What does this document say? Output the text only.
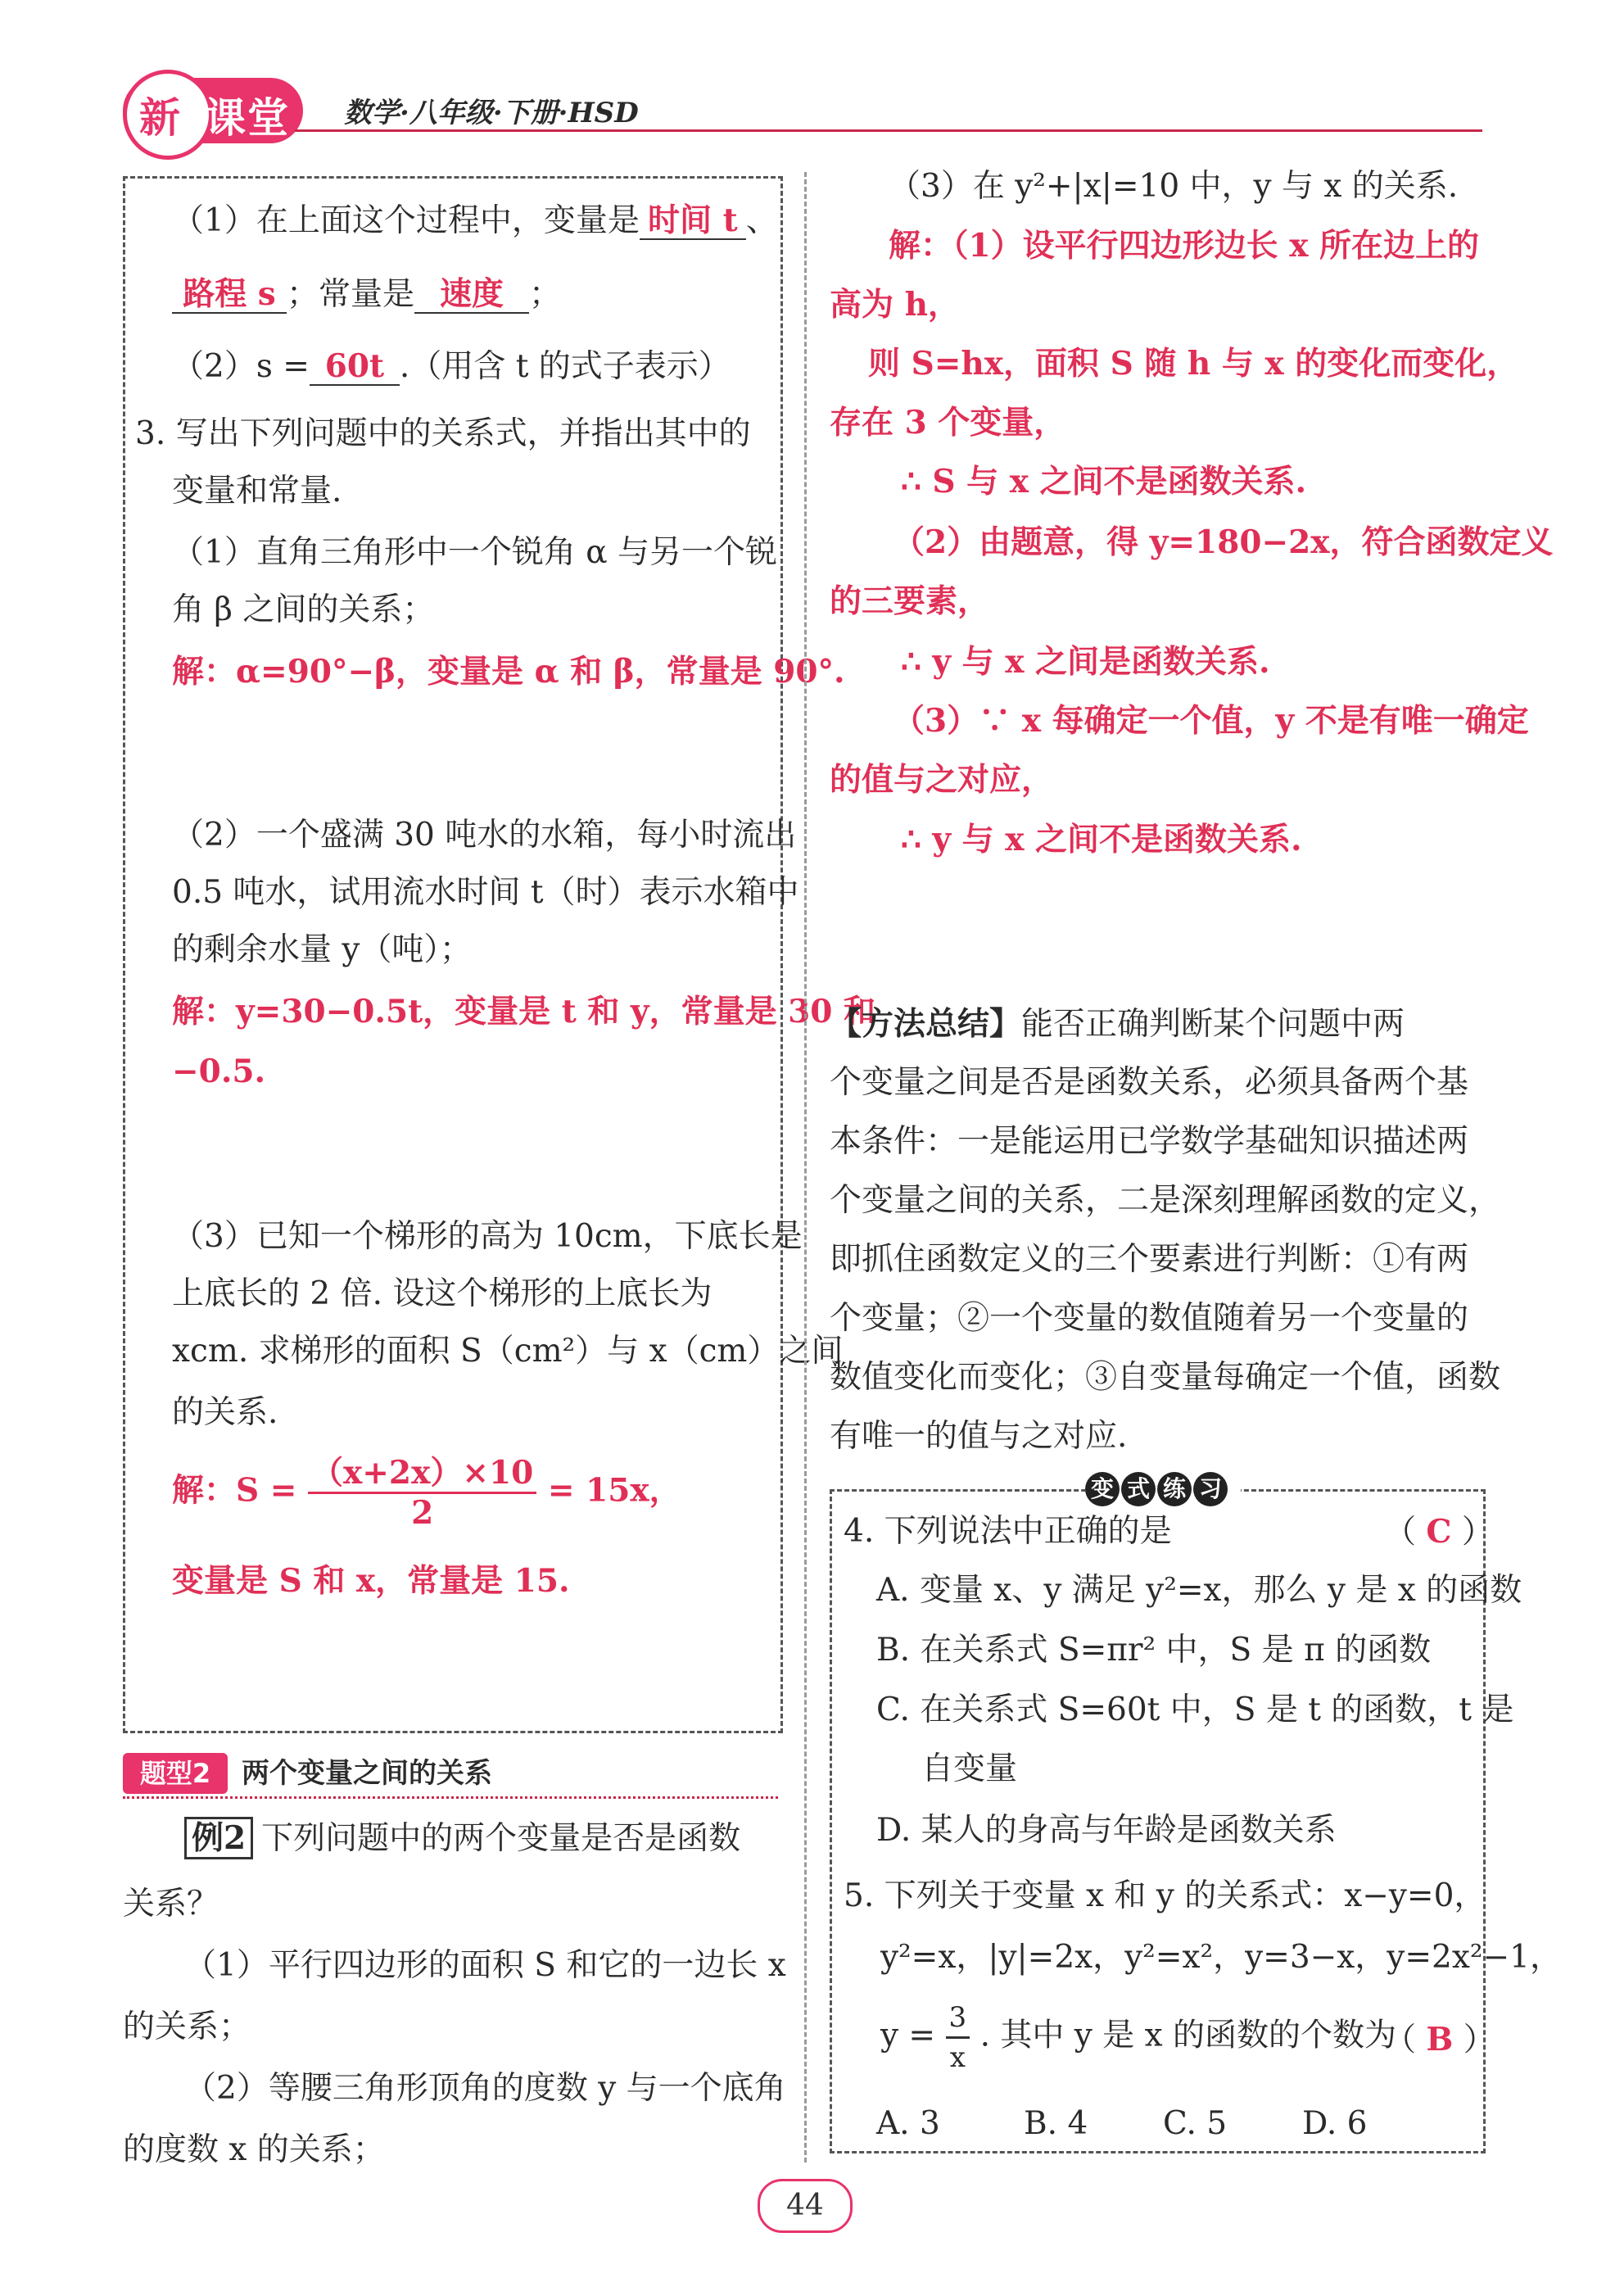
新 课 堂 数学·八年级·下册·HSD
（1）在上面这个过程中，变量是 时间 t 、
路程 s ；常量是 速度 ；
（2）s = 60t .（用含 t 的式子表示）
3. 写出下列问题中的关系式，并指出其中的
变量和常量.
（1）直角三角形中一个锐角 α 与另一个锐
角 β 之间的关系；
解：α=90°−β，变量是 α 和 β，常量是 90°.
（2）一个盛满 30 吨水的水箱，每小时流出
0.5 吨水，试用流水时间 t（时）表示水箱中
的剩余水量 y（吨）；
解：y=30−0.5t，变量是 t 和 y，常量是 30 和
−0.5.
（3）已知一个梯形的高为 10cm，下底长是
上底长的 2 倍. 设这个梯形的上底长为
xcm. 求梯形的面积 S（cm²）与 x（cm）之间
的关系.
解：$S = \frac{(x+2x)\times 10}{2} = 15x$，
变量是 S 和 x，常量是 15.
题型2	两个变量之间的关系
例2 下列问题中的两个变量是否是函数
关系？
（1）平行四边形的面积 S 和它的一边长 x
的关系；
（2）等腰三角形顶角的度数 y 与一个底角
的度数 x 的关系；
（3）在 y²+|x|=10 中，y 与 x 的关系.
解：（1）设平行四边形边长 x 所在边上的
高为 h，
则 S=hx，面积 S 随 h 与 x 的变化而变化，
存在 3 个变量，
∴ S 与 x 之间不是函数关系.
（2）由题意，得 y=180−2x，符合函数定义
的三要素，
∴ y 与 x 之间是函数关系.
（3）∵ x 每确定一个值，y 不是有唯一确定
的值与之对应，
∴ y 与 x 之间不是函数关系.
【方法总结】能否正确判断某个问题中两
个变量之间是否是函数关系，必须具备两个基
本条件：一是能运用已学数学基础知识描述两
个变量之间的关系，二是深刻理解函数的定义，
即抓住函数定义的三个要素进行判断：①有两
个变量；②一个变量的数值随着另一个变量的
数值变化而变化；③自变量每确定一个值，函数
有唯一的值与之对应.
变 式 练 习
4. 下列说法中正确的是	（ C ）
A. 变量 x、y 满足 y²=x，那么 y 是 x 的函数
B. 在关系式 S=πr² 中，S 是 π 的函数
C. 在关系式 S=60t 中，S 是 t 的函数，t 是
自变量
D. 某人的身高与年龄是函数关系
5. 下列关于变量 x 和 y 的关系式：x−y=0，
y²=x，|y|=2x，y²=x²，y=3−x，y=2x²−1，
$y = \frac{3}{x}$ . 其中 y 是 x 的函数的个数为
（ B ）
A. 3	B. 4 C. 5 D. 6
44
